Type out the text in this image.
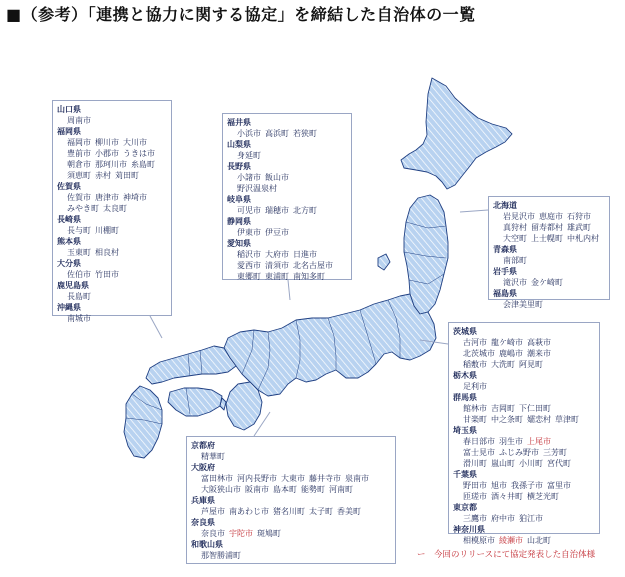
■（参考）「連携と協力に関する協定」を締結した自治体の一覧
山口県
周南市
福岡県
福岡市 柳川市 大川市
豊前市 小郡市 うきは市
朝倉市 那珂川市 糸島町
須恵町 赤村 苅田町
佐賀県
佐賀市 唐津市 神埼市
みやき町 太良町
長崎県
長与町 川棚町
熊本県
玉東町 相良村
大分県
佐伯市 竹田市
鹿児島県
長島町
沖縄県
南城市
福井県
小浜市 高浜町 若狭町
山梨県
身延町
長野県
小諸市 飯山市
野沢温泉村
岐阜県
可児市 瑞穂市 北方町
静岡県
伊東市 伊豆市
愛知県
稲沢市 大府市 日進市
愛西市 清須市 北名古屋市
東郷町 東浦町 南知多町
北海道
岩見沢市 恵庭市 石狩市
真狩村 留寿都村 雄武町
大空町 上士幌町 中札内村
青森県
南部町
岩手県
滝沢市 金ケ崎町
福島県
会津美里町
茨城県
古河市 龍ケ崎市 高萩市
北茨城市 鹿嶋市 潮来市
稲敷市 大洗町 阿見町
栃木県
足利市
群馬県
館林市 吉岡町 下仁田町
甘楽町 中之条町 嬬恋村 草津町
埼玉県
春日部市 羽生市 上尾市
富士見市 ふじみ野市 三芳町
滑川町 嵐山町 小川町 宮代町
千葉県
野田市 旭市 我孫子市 富里市
匝瑳市 酒々井町 横芝光町
東京都
三鷹市 府中市 狛江市
神奈川県
相模原市 綾瀬市 山北町
京都府
精華町
大阪府
富田林市 河内長野市 大東市 藤井寺市 泉南市
大阪狭山市 阪南市 島本町 能勢町 河南町
兵庫県
芦屋市 南あわじ市 猪名川町 太子町 香美町
奈良県
奈良市 宇陀市 斑鳩町
和歌山県
那智勝浦町	ー　今回のリリースにて協定発表した自治体様
